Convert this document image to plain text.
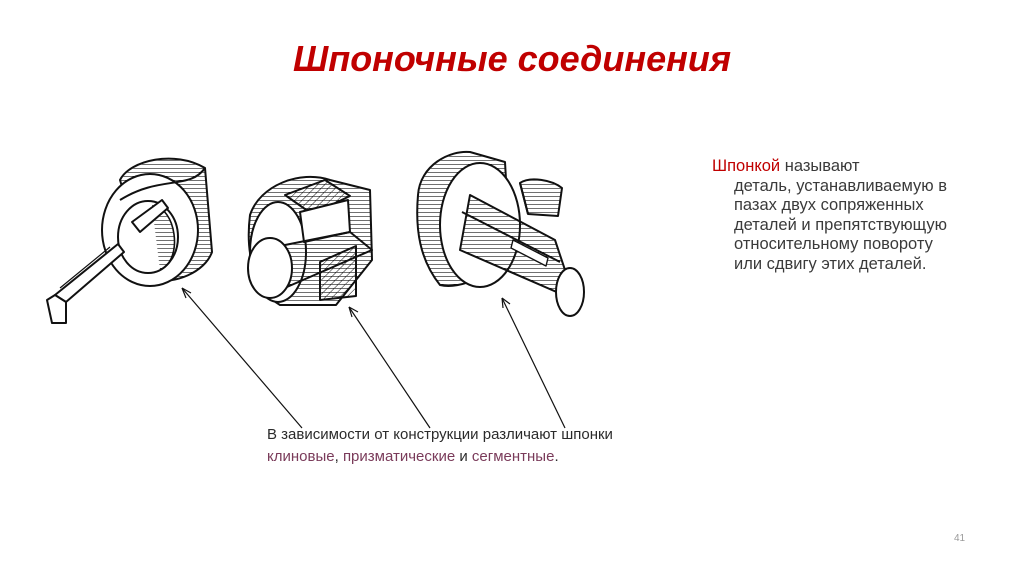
Шпоночные соединения
Шпонкой называют
деталь, устанавливаемую в пазах двух сопряженных деталей и препятствующую относительному повороту или сдвигу этих деталей.
В зависимости от конструкции различают шпонки
клиновые, призматические и сегментные.
41
